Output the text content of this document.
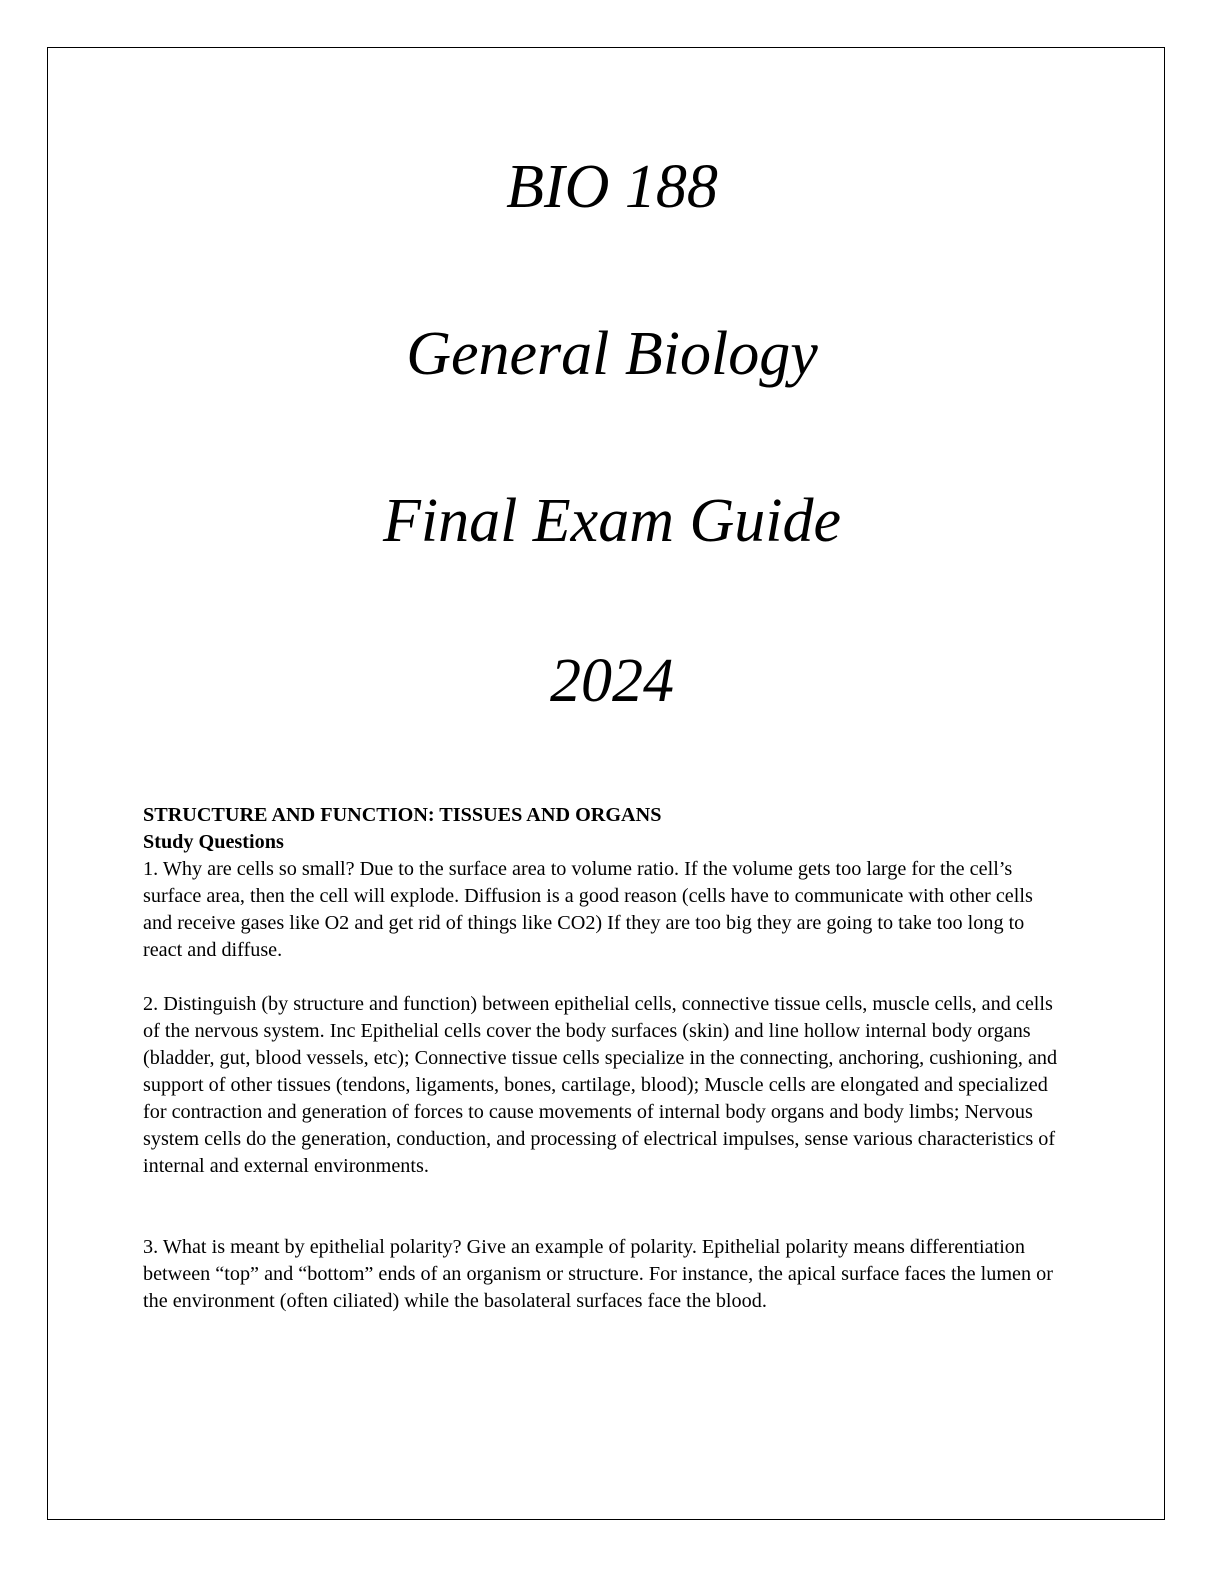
BIO 188
General Biology
Final Exam Guide
2024
STRUCTURE AND FUNCTION: TISSUES AND ORGANS
Study Questions
1. Why are cells so small? Due to the surface area to volume ratio. If the volume gets too large for the cell’s surface area, then the cell will explode. Diffusion is a good reason (cells have to communicate with other cells and receive gases like O2 and get rid of things like CO2) If they are too big they are going to take too long to react and diffuse.
2. Distinguish (by structure and function) between epithelial cells, connective tissue cells, muscle cells, and cells of the nervous system. Inc Epithelial cells cover the body surfaces (skin) and line hollow internal body organs (bladder, gut, blood vessels, etc); Connective tissue cells specialize in the connecting, anchoring, cushioning, and support of other tissues (tendons, ligaments, bones, cartilage, blood); Muscle cells are elongated and specialized for contraction and generation of forces to cause movements of internal body organs and body limbs; Nervous system cells do the generation, conduction, and processing of electrical impulses, sense various characteristics of internal and external environments.
3. What is meant by epithelial polarity? Give an example of polarity. Epithelial polarity means differentiation between “top” and “bottom” ends of an organism or structure. For instance, the apical surface faces the lumen or the environment (often ciliated) while the basolateral surfaces face the blood.
